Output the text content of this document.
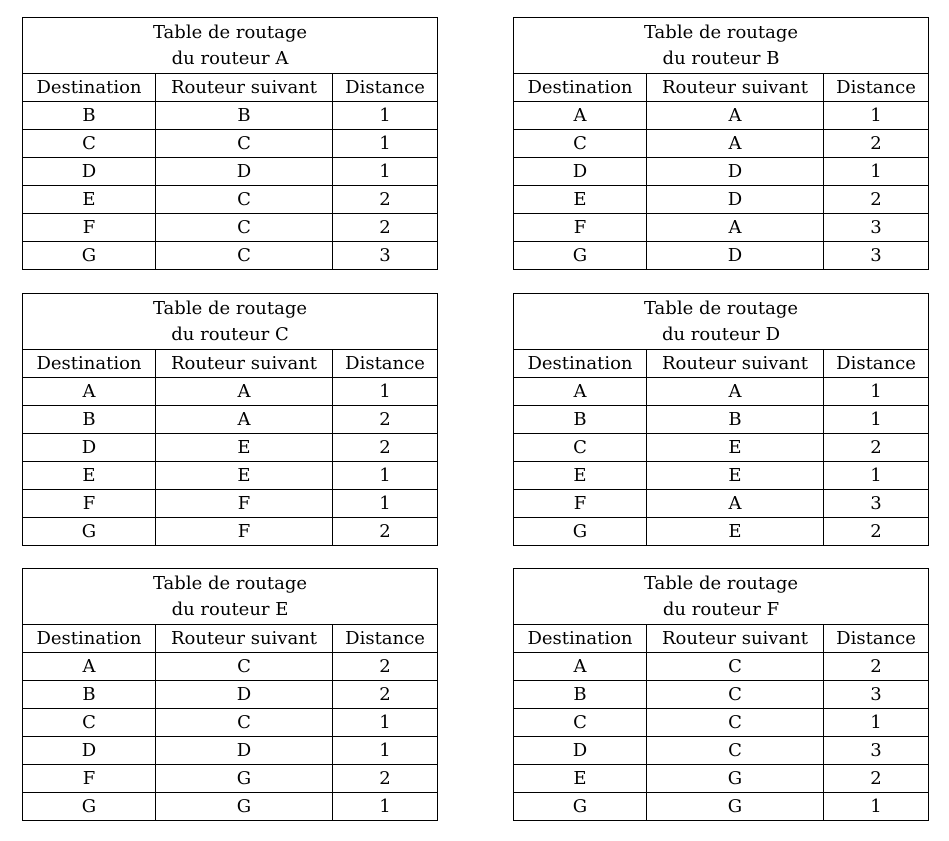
Table de routage
du routeur A		

Destination	Routeur suivant	Distance
B	B	1
C	C	1
D	D	1
E	C	2
F	C	2
G	C	3
Table de routage
du routeur B		

Destination	Routeur suivant	Distance
A	A	1
C	A	2
D	D	1
E	D	2
F	A	3
G	D	3
Table de routage
du routeur C		

Destination	Routeur suivant	Distance
A	A	1
B	A	2
D	E	2
E	E	1
F	F	1
G	F	2
Table de routage
du routeur D		

Destination	Routeur suivant	Distance
A	A	1
B	B	1
C	E	2
E	E	1
F	A	3
G	E	2
Table de routage
du routeur E		

Destination	Routeur suivant	Distance
A	C	2
B	D	2
C	C	1
D	D	1
F	G	2
G	G	1
Table de routage
du routeur F		

Destination	Routeur suivant	Distance
A	C	2
B	C	3
C	C	1
D	C	3
E	G	2
G	G	1
